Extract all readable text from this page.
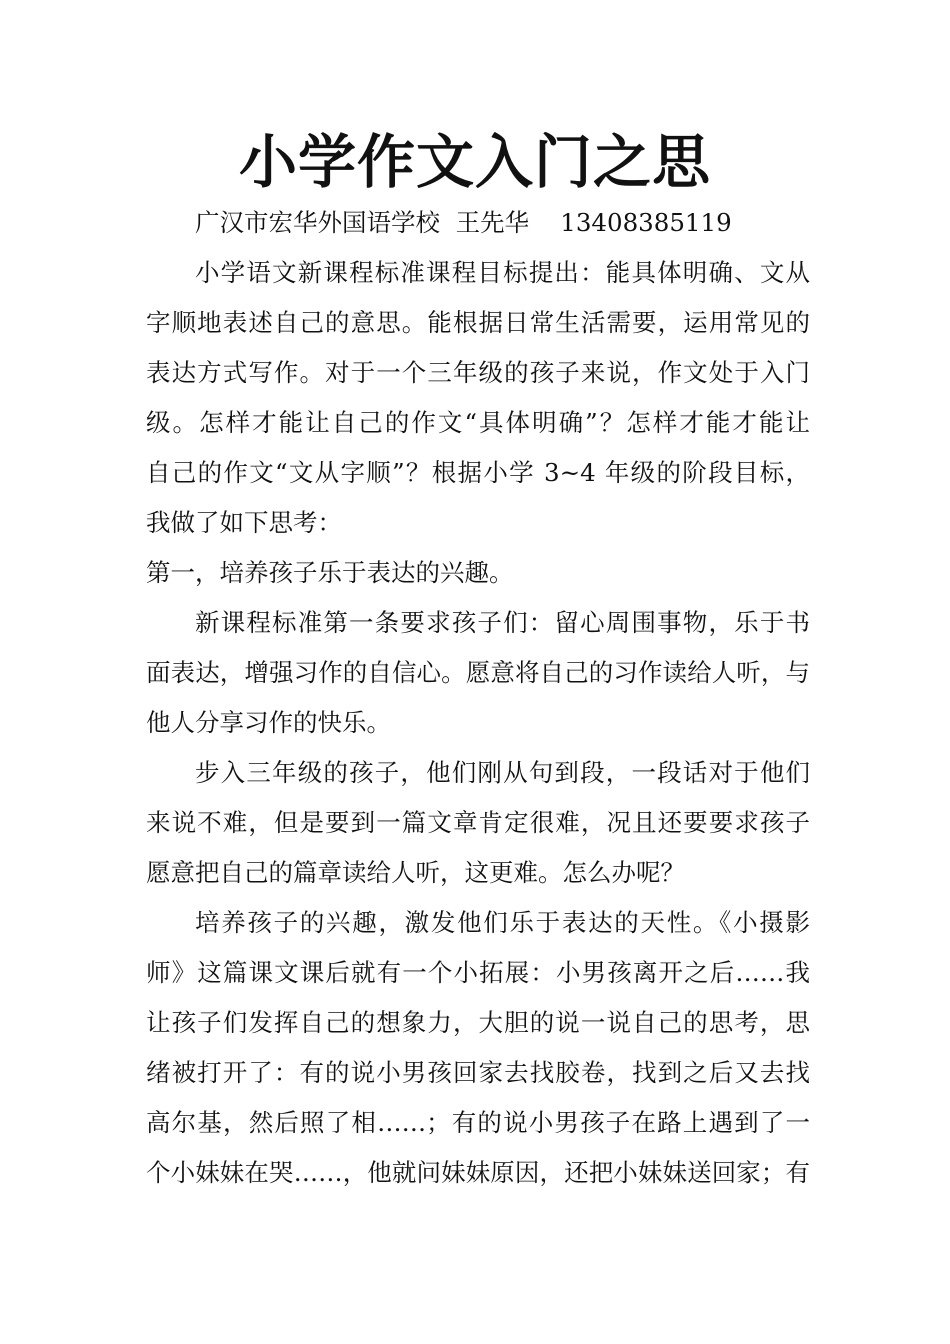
小学作文入门之思
广汉市宏华外国语学校  王先华    13408385119
小学语文新课程标准课程目标提出：能具体明确、文从
字顺地表述自己的意思。能根据日常生活需要，运用常见的
表达方式写作。对于一个三年级的孩子来说，作文处于入门
级。怎样才能让自己的作文“具体明确”？怎样才能才能让
自己的作文“文从字顺”？根据小学 3~4 年级的阶段目标，
我做了如下思考：
第一，培养孩子乐于表达的兴趣。
新课程标准第一条要求孩子们：留心周围事物，乐于书
面表达，增强习作的自信心。愿意将自己的习作读给人听，与
他人分享习作的快乐。
步入三年级的孩子，他们刚从句到段，一段话对于他们
来说不难，但是要到一篇文章肯定很难，况且还要要求孩子
愿意把自己的篇章读给人听，这更难。怎么办呢？
培养孩子的兴趣，激发他们乐于表达的天性。《小摄影
师》这篇课文课后就有一个小拓展：小男孩离开之后……我
让孩子们发挥自己的想象力，大胆的说一说自己的思考，思
绪被打开了：有的说小男孩回家去找胶卷，找到之后又去找
高尔基，然后照了相……；有的说小男孩子在路上遇到了一
个小妹妹在哭……，他就问妹妹原因，还把小妹妹送回家；有
